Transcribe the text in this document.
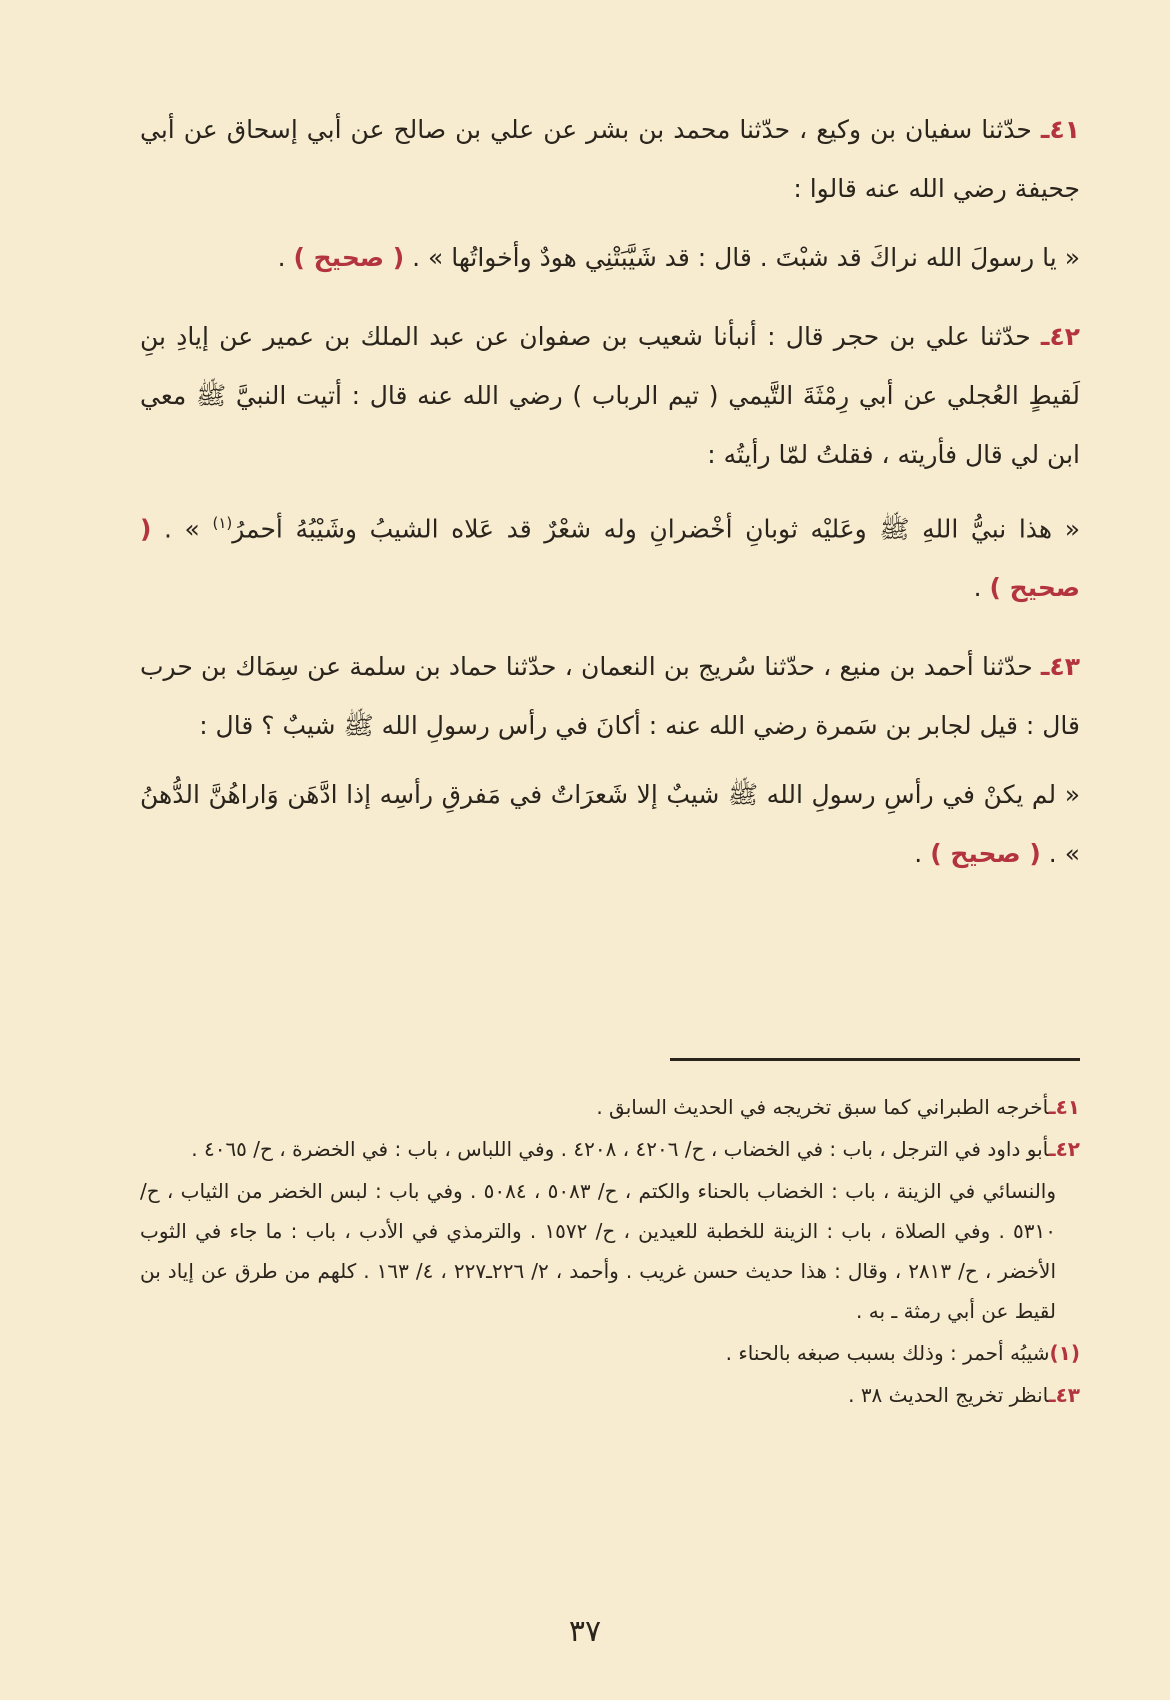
٤١ـ حدّثنا سفيان بن وكيع ، حدّثنا محمد بن بشر عن علي بن صالح عن أبي إسحاق عن أبي جحيفة رضي الله عنه قالوا :

« يا رسولَ الله نراكَ قد شبْتَ . قال : قد شَيَّبَتْنِي هودٌ وأخواتُها » . ( صحيح ) .

٤٢ـ حدّثنا علي بن حجر قال : أنبأنا شعيب بن صفوان عن عبد الملك بن عمير عن إيادِ بنِ لَقيطٍ العُجلي عن أبي رِمْثَةَ التَّيمي ( تيم الرباب ) رضي الله عنه قال : أتيت النبيَّ ﷺ معي ابن لي قال فأريته ، فقلتُ لمّا رأيتُه :

« هذا نبيُّ اللهِ ﷺ وعَليْه ثوبانِ أخْضرانِ وله شعْرٌ قد عَلاه الشيبُ وشَيْبُهُ أحمرُ$^{(١)}$ » . ( صحيح ) .

٤٣ـ حدّثنا أحمد بن منيع ، حدّثنا سُريج بن النعمان ، حدّثنا حماد بن سلمة عن سِمَاك بن حرب قال : قيل لجابر بن سَمرة رضي الله عنه : أكانَ في رأس رسولِ الله ﷺ شيبٌ ؟ قال :

« لم يكنْ في رأسِ رسولِ الله ﷺ شيبٌ إلا شَعرَاتٌ في مَفرقِ رأسِه إذا ادَّهَن وَاراهُنَّ الدُّهنُ » . ( صحيح ) .

٤١ـأخرجه الطبراني كما سبق تخريجه في الحديث السابق .

٤٢ـأبو داود في الترجل ، باب : في الخضاب ، ح/ ٤٢٠٦ ، ٤٢٠٨ . وفي اللباس ، باب : في الخضرة ، ح/ ٤٠٦٥ .

والنسائي في الزينة ، باب : الخضاب بالحناء والكتم ، ح/ ٥٠٨٣ ، ٥٠٨٤ . وفي باب : لبس الخضر من الثياب ، ح/ ٥٣١٠ . وفي الصلاة ، باب : الزينة للخطبة للعيدين ، ح/ ١٥٧٢ . والترمذي في الأدب ، باب : ما جاء في الثوب الأخضر ، ح/ ٢٨١٣ ، وقال : هذا حديث حسن غريب . وأحمد ، ٢/ ٢٢٦ـ٢٢٧ ، ٤/ ١٦٣ . كلهم من طرق عن إياد بن لقيط عن أبي رمثة ـ به .

(١)شيبُه أحمر : وذلك بسبب صبغه بالحناء .

٤٣ـانظر تخريج الحديث ٣٨ .

٣٧
